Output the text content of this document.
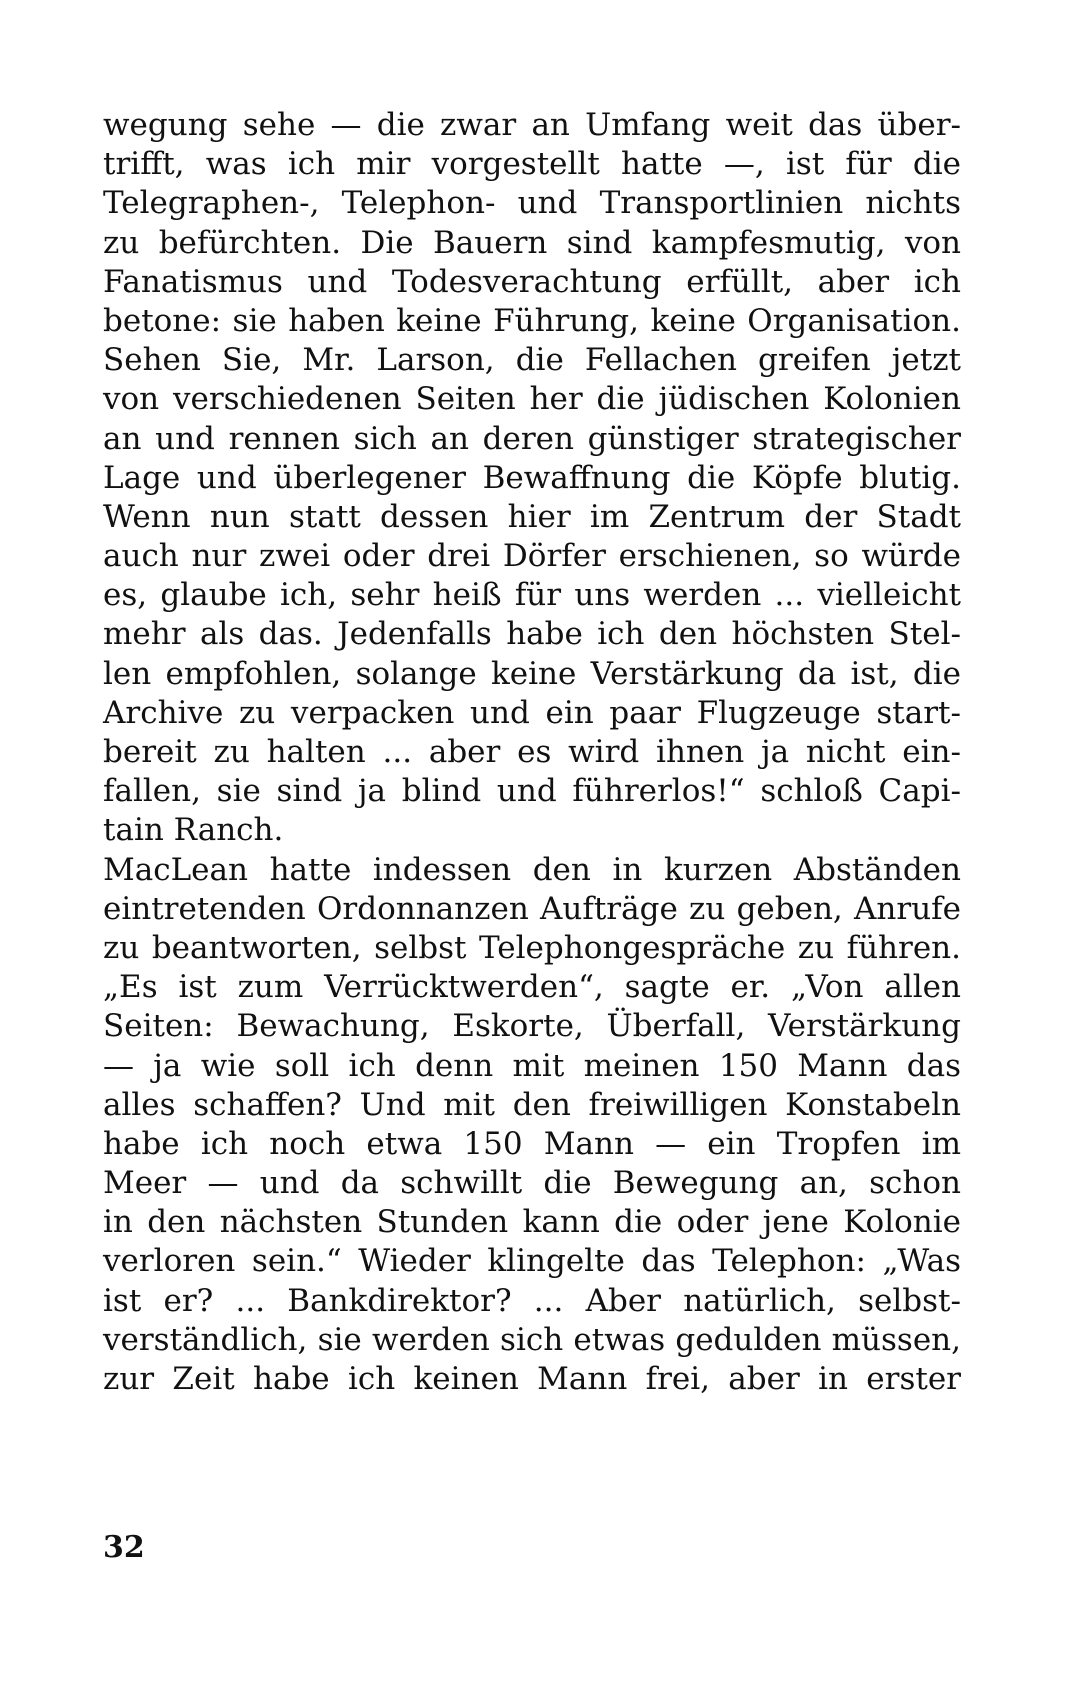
wegung sehe — die zwar an Umfang weit das über-
trifft, was ich mir vorgestellt hatte —, ist für die
Telegraphen-, Telephon- und Transportlinien nichts
zu befürchten. Die Bauern sind kampfesmutig, von
Fanatismus und Todesverachtung erfüllt, aber ich
betone: sie haben keine Führung, keine Organisation.
Sehen Sie, Mr. Larson, die Fellachen greifen jetzt
von verschiedenen Seiten her die jüdischen Kolonien
an und rennen sich an deren günstiger strategischer
Lage und überlegener Bewaffnung die Köpfe blutig.
Wenn nun statt dessen hier im Zentrum der Stadt
auch nur zwei oder drei Dörfer erschienen, so würde
es, glaube ich, sehr heiß für uns werden ... vielleicht
mehr als das. Jedenfalls habe ich den höchsten Stel-
len empfohlen, solange keine Verstärkung da ist, die
Archive zu verpacken und ein paar Flugzeuge start-
bereit zu halten ... aber es wird ihnen ja nicht ein-
fallen, sie sind ja blind und führerlos!“ schloß Capi-
tain Ranch.
MacLean hatte indessen den in kurzen Abständen
eintretenden Ordonnanzen Aufträge zu geben, Anrufe
zu beantworten, selbst Telephongespräche zu führen.
„Es ist zum Verrücktwerden“, sagte er. „Von allen
Seiten: Bewachung, Eskorte, Überfall, Verstärkung
— ja wie soll ich denn mit meinen 150 Mann das
alles schaffen? Und mit den freiwilligen Konstabeln
habe ich noch etwa 150 Mann — ein Tropfen im
Meer — und da schwillt die Bewegung an, schon
in den nächsten Stunden kann die oder jene Kolonie
verloren sein.“ Wieder klingelte das Telephon: „Was
ist er? ... Bankdirektor? ... Aber natürlich, selbst-
verständlich, sie werden sich etwas gedulden müssen,
zur Zeit habe ich keinen Mann frei, aber in erster
32
